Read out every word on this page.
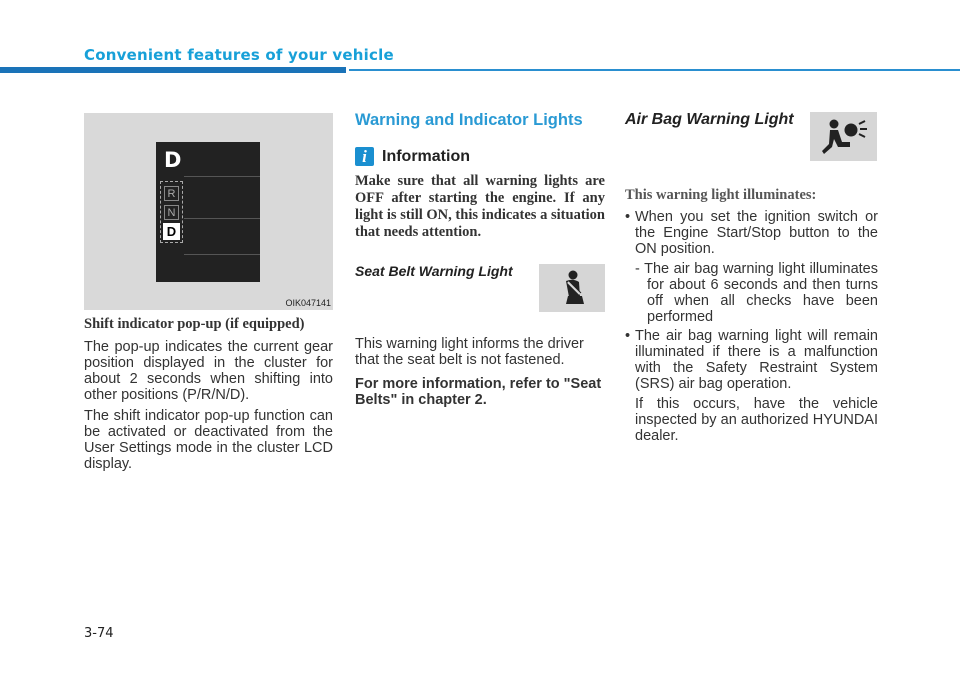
Convenient features of your vehicle
D
R
N
D
OIK047141
Shift indicator pop-up (if equipped)

The pop-up indicates the current gear position displayed in the cluster for about 2 seconds when shifting into other positions (P/R/N/D).

The shift indicator pop-up function can be activated or deactivated from the User Settings mode in the cluster LCD display.

Warning and Indicator Lights
i Information

Make sure that all warning lights are OFF after starting the engine. If any light is still ON, this indicates a situation that needs attention.

Seat Belt Warning Light

This warning light informs the driver that the seat belt is not fastened.

For more information, refer to "Seat Belts" in chapter 2.

Air Bag Warning Light
This warning light illuminates:
• When you set the ignition switch or the Engine Start/Stop button to the ON position.

- The air bag warning light illuminates for about 6 seconds and then turns off when all checks have been performed

• The air bag warning light will remain illuminated if there is a malfunction with the Safety Restraint System (SRS) air bag operation.

If this occurs, have the vehicle inspected by an authorized HYUNDAI dealer.

3-74
